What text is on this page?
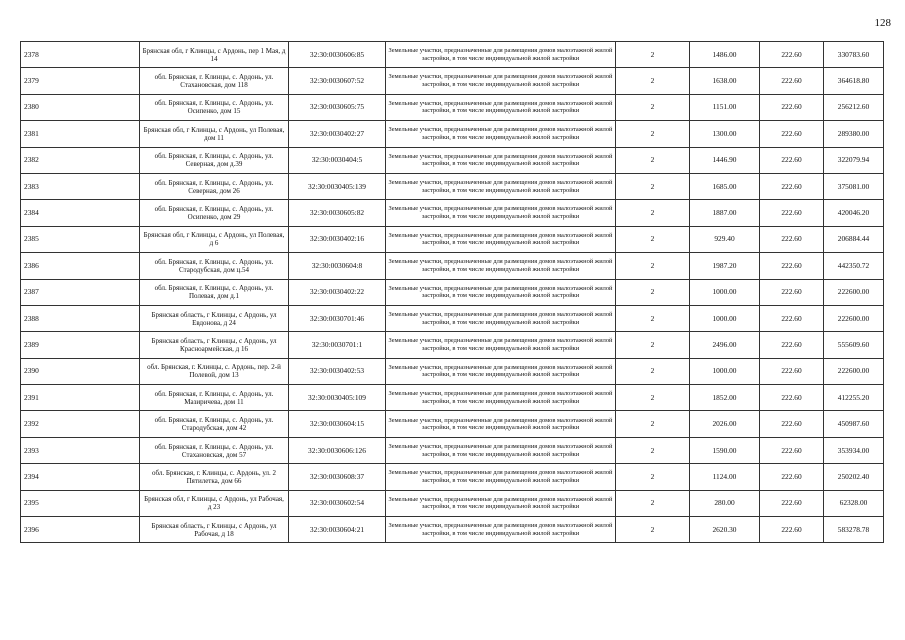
128
2378	Брянская обл, г Клинцы, с Ардонь, пер 1 Мая, д 14	32:30:0030606:85	Земельные участки, предназначенные для размещения домов малоэтажной жилой застройки, в том числе индивидуальной жилой застройки	2	1486.00	222.60	330783.60
2379	обл. Брянская, г. Клинцы, с. Ардонь, ул. Стахановская, дом 118	32:30:0030607:52	Земельные участки, предназначенные для размещения домов малоэтажной жилой застройки, в том числе индивидуальной жилой застройки	2	1638.00	222.60	364618.80
2380	обл. Брянская, г. Клинцы, с. Ардонь, ул. Осипенко, дом 15	32:30:0030605:75	Земельные участки, предназначенные для размещения домов малоэтажной жилой застройки, в том числе индивидуальной жилой застройки	2	1151.00	222.60	256212.60
2381	Брянская обл, г Клинцы, с Ардонь, ул Полевая, дом 11	32:30:0030402:27	Земельные участки, предназначенные для размещения домов малоэтажной жилой застройки, в том числе индивидуальной жилой застройки	2	1300.00	222.60	289380.00
2382	обл. Брянская, г. Клинцы, с. Ардонь, ул. Северная, дом д.39	32:30:0030404:5	Земельные участки, предназначенные для размещения домов малоэтажной жилой застройки, в том числе индивидуальной жилой застройки	2	1446.90	222.60	322079.94
2383	обл. Брянская, г. Клинцы, с. Ардонь, ул. Северная, дом 26	32:30:0030405:139	Земельные участки, предназначенные для размещения домов малоэтажной жилой застройки, в том числе индивидуальной жилой застройки	2	1685.00	222.60	375081.00
2384	обл. Брянская, г. Клинцы, с. Ардонь, ул. Осипенко, дом 29	32:30:0030605:82	Земельные участки, предназначенные для размещения домов малоэтажной жилой застройки, в том числе индивидуальной жилой застройки	2	1887.00	222.60	420046.20
2385	Брянская обл, г Клинцы, с Ардонь, ул Полевая, д 6	32:30:0030402:16	Земельные участки, предназначенные для размещения домов малоэтажной жилой застройки, в том числе индивидуальной жилой застройки	2	929.40	222.60	206884.44
2386	обл. Брянская, г. Клинцы, с. Ардонь, ул. Стародубская, дом ц.54	32:30:0030604:8	Земельные участки, предназначенные для размещения домов малоэтажной жилой застройки, в том числе индивидуальной жилой застройки	2	1987.20	222.60	442350.72
2387	обл. Брянская, г. Клинцы, с. Ардонь, ул. Полевая, дом д.1	32:30:0030402:22	Земельные участки, предназначенные для размещения домов малоэтажной жилой застройки, в том числе индивидуальной жилой застройки	2	1000.00	222.60	222600.00
2388	Брянская область, г Клинцы, с Ардонь, ул Евдонова, д 24	32:30:0030701:46	Земельные участки, предназначенные для размещения домов малоэтажной жилой застройки, в том числе индивидуальной жилой застройки	2	1000.00	222.60	222600.00
2389	Брянская область, г Клинцы, с Ардонь, ул Красноармейская, д 16	32:30:0030701:1	Земельные участки, предназначенные для размещения домов малоэтажной жилой застройки, в том числе индивидуальной жилой застройки	2	2496.00	222.60	555609.60
2390	обл. Брянская, г. Клинцы, с. Ардонь, пер. 2-й Полевой, дом 13	32:30:0030402:53	Земельные участки, предназначенные для размещения домов малоэтажной жилой застройки, в том числе индивидуальной жилой застройки	2	1000.00	222.60	222600.00
2391	обл. Брянская, г. Клинцы, с. Ардонь, ул. Мазиричева, дом 11	32:30:0030405:109	Земельные участки, предназначенные для размещения домов малоэтажной жилой застройки, в том числе индивидуальной жилой застройки	2	1852.00	222.60	412255.20
2392	обл. Брянская, г. Клинцы, с. Ардонь, ул. Стародубская, дом 42	32:30:0030604:15	Земельные участки, предназначенные для размещения домов малоэтажной жилой застройки, в том числе индивидуальной жилой застройки	2	2026.00	222.60	450987.60
2393	обл. Брянская, г. Клинцы, с. Ардонь, ул. Стахановская, дом 57	32:30:0030606:126	Земельные участки, предназначенные для размещения домов малоэтажной жилой застройки, в том числе индивидуальной жилой застройки	2	1590.00	222.60	353934.00
2394	обл. Брянская, г. Клинцы, с. Ардонь, ул. 2 Пятилетка, дом 66	32:30:0030608:37	Земельные участки, предназначенные для размещения домов малоэтажной жилой застройки, в том числе индивидуальной жилой застройки	2	1124.00	222.60	250202.40
2395	Брянская обл, г Клинцы, с Ардонь, ул Рабочая, д 23	32:30:0030602:54	Земельные участки, предназначенные для размещения домов малоэтажной жилой застройки, в том числе индивидуальной жилой застройки	2	280.00	222.60	62328.00
2396	Брянская область, г Клинцы, с Ардонь, ул Рабочая, д 18	32:30:0030604:21	Земельные участки, предназначенные для размещения домов малоэтажной жилой застройки, в том числе индивидуальной жилой застройки	2	2620.30	222.60	583278.78
